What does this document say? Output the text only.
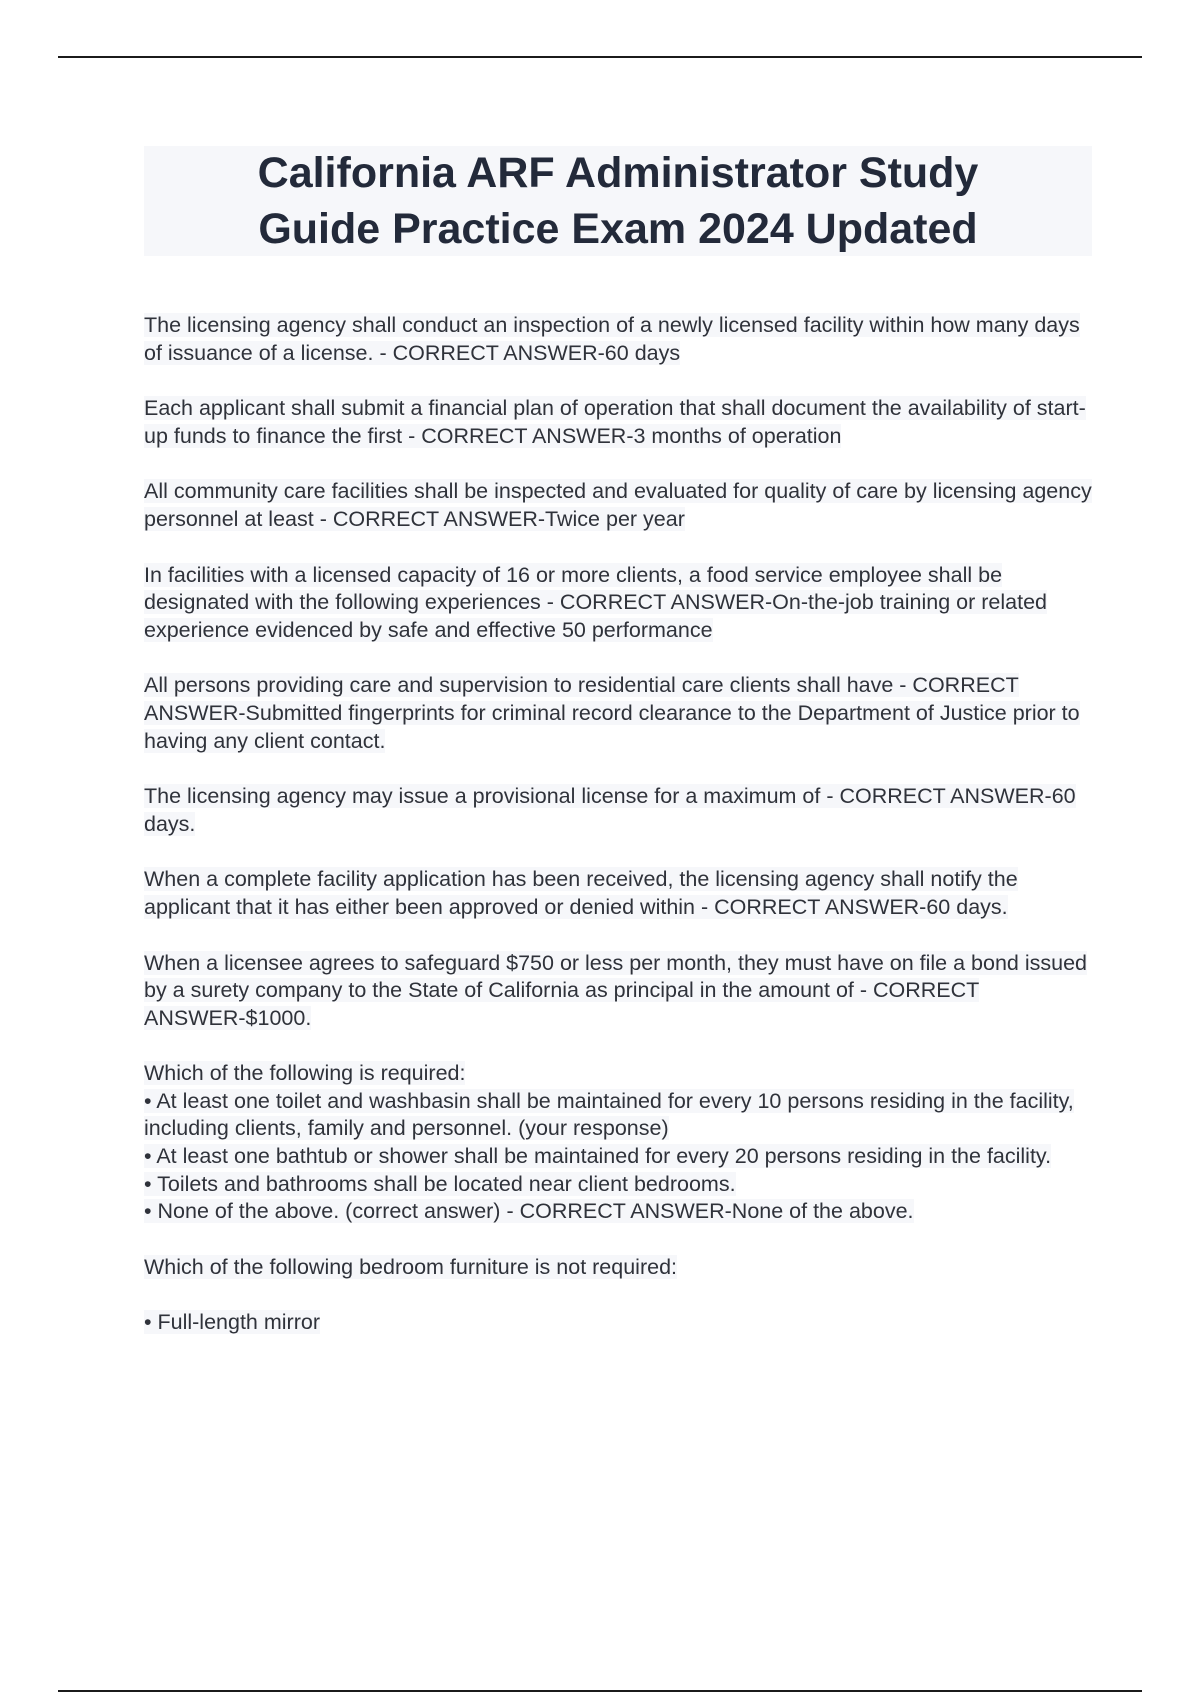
California ARF Administrator Study Guide Practice Exam 2024 Updated

The licensing agency shall conduct an inspection of a newly licensed facility within how many days of issuance of a license. - CORRECT ANSWER-60 days

Each applicant shall submit a financial plan of operation that shall document the availability of start-up funds to finance the first - CORRECT ANSWER-3 months of operation

All community care facilities shall be inspected and evaluated for quality of care by licensing agency personnel at least - CORRECT ANSWER-Twice per year

In facilities with a licensed capacity of 16 or more clients, a food service employee shall be designated with the following experiences - CORRECT ANSWER-On-the-job training or related experience evidenced by safe and effective 50 performance

All persons providing care and supervision to residential care clients shall have - CORRECT ANSWER-Submitted fingerprints for criminal record clearance to the Department of Justice prior to having any client contact.

The licensing agency may issue a provisional license for a maximum of - CORRECT ANSWER-60 days.

When a complete facility application has been received, the licensing agency shall notify the applicant that it has either been approved or denied within - CORRECT ANSWER-60 days.

When a licensee agrees to safeguard $750 or less per month, they must have on file a bond issued by a surety company to the State of California as principal in the amount of - CORRECT ANSWER-$1000.

Which of the following is required:
• At least one toilet and washbasin shall be maintained for every 10 persons residing in the facility, including clients, family and personnel. (your response)
• At least one bathtub or shower shall be maintained for every 20 persons residing in the facility.
• Toilets and bathrooms shall be located near client bedrooms.
• None of the above. (correct answer) - CORRECT ANSWER-None of the above.

Which of the following bedroom furniture is not required:

• Full-length mirror
